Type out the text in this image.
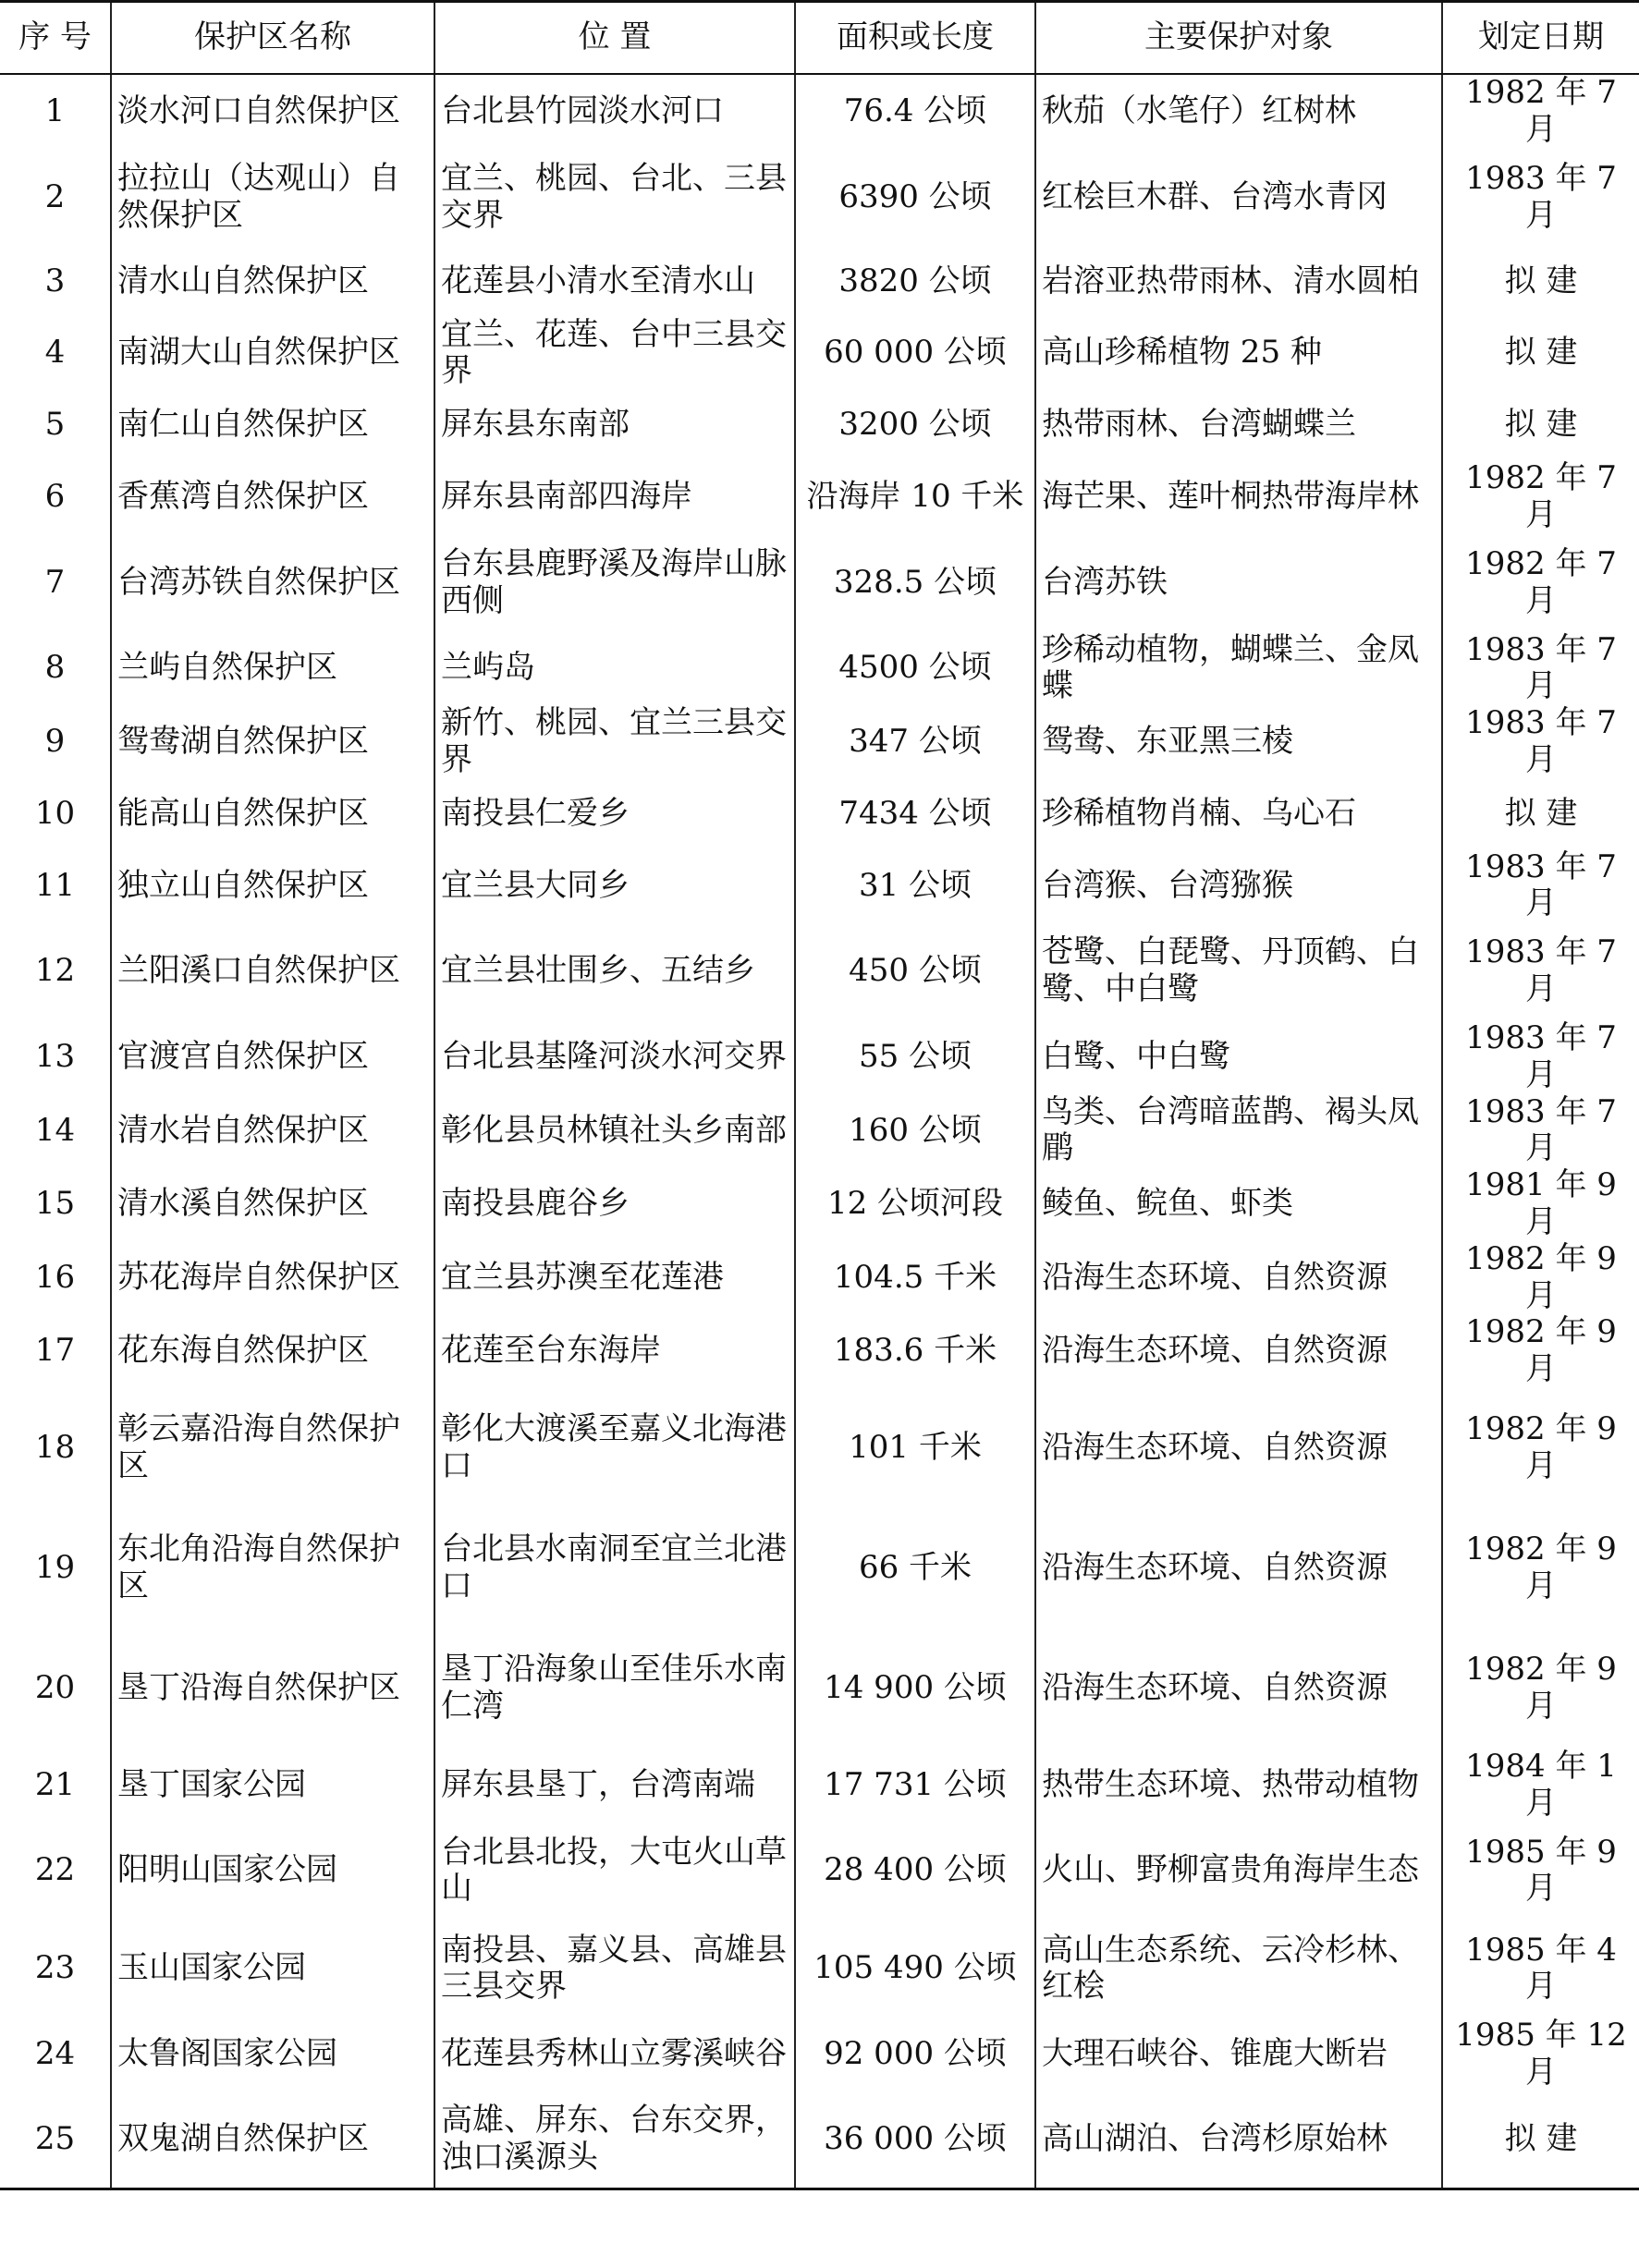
序 号	保护区名称	位 置	面积或长度	主要保护对象	划定日期
1	淡水河口自然保护区	台北县竹园淡水河口	76.4 公顷	秋茄（水笔仔）红树林	1982 年 7 月
2	拉拉山（达观山）自然保护区	宜兰、桃园、台北、三县交界	6390 公顷	红桧巨木群、台湾水青冈	1983 年 7 月
3	清水山自然保护区	花莲县小清水至清水山	3820 公顷	岩溶亚热带雨林、清水圆柏	拟 建
4	南湖大山自然保护区	宜兰、花莲、台中三县交界	60 000 公顷	高山珍稀植物 25 种	拟 建
5	南仁山自然保护区	屏东县东南部	3200 公顷	热带雨林、台湾蝴蝶兰	拟 建
6	香蕉湾自然保护区	屏东县南部四海岸	沿海岸 10 千米	海芒果、莲叶桐热带海岸林	1982 年 7 月
7	台湾苏铁自然保护区	台东县鹿野溪及海岸山脉西侧	328.5 公顷	台湾苏铁	1982 年 7 月
8	兰屿自然保护区	兰屿岛	4500 公顷	珍稀动植物，蝴蝶兰、金凤蝶	1983 年 7 月
9	鸳鸯湖自然保护区	新竹、桃园、宜兰三县交界	347 公顷	鸳鸯、东亚黑三棱	1983 年 7 月
10	能高山自然保护区	南投县仁爱乡	7434 公顷	珍稀植物肖楠、乌心石	拟 建
11	独立山自然保护区	宜兰县大同乡	31 公顷	台湾猴、台湾猕猴	1983 年 7 月
12	兰阳溪口自然保护区	宜兰县壮围乡、五结乡	450 公顷	苍鹭、白琵鹭、丹顶鹤、白鹭、中白鹭	1983 年 7 月
13	官渡宫自然保护区	台北县基隆河淡水河交界	55 公顷	白鹭、中白鹭	1983 年 7 月
14	清水岩自然保护区	彰化县员林镇社头乡南部	160 公顷	鸟类、台湾暗蓝鹊、褐头凤鹛	1983 年 7 月
15	清水溪自然保护区	南投县鹿谷乡	12 公顷河段	鲮鱼、鲩鱼、虾类	1981 年 9 月
16	苏花海岸自然保护区	宜兰县苏澳至花莲港	104.5 千米	沿海生态环境、自然资源	1982 年 9 月
17	花东海自然保护区	花莲至台东海岸	183.6 千米	沿海生态环境、自然资源	1982 年 9 月
18	彰云嘉沿海自然保护区	彰化大渡溪至嘉义北海港口	101 千米	沿海生态环境、自然资源	1982 年 9 月
19	东北角沿海自然保护区	台北县水南洞至宜兰北港口	66 千米	沿海生态环境、自然资源	1982 年 9 月
20	垦丁沿海自然保护区	垦丁沿海象山至佳乐水南仁湾	14 900 公顷	沿海生态环境、自然资源	1982 年 9 月
21	垦丁国家公园	屏东县垦丁，台湾南端	17 731 公顷	热带生态环境、热带动植物	1984 年 1 月
22	阳明山国家公园	台北县北投，大屯火山草山	28 400 公顷	火山、野柳富贵角海岸生态	1985 年 9 月
23	玉山国家公园	南投县、嘉义县、高雄县三县交界	105 490 公顷	高山生态系统、云冷杉林、红桧	1985 年 4 月
24	太鲁阁国家公园	花莲县秀林山立雾溪峡谷	92 000 公顷	大理石峡谷、锥鹿大断岩	1985 年 12 月
25	双鬼湖自然保护区	高雄、屏东、台东交界，浊口溪源头	36 000 公顷	高山湖泊、台湾杉原始林	拟 建
